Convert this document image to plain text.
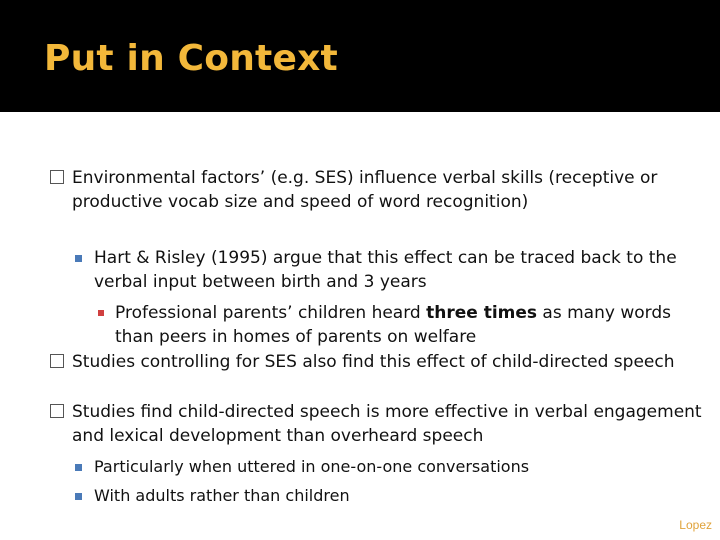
Put in Context
Environmental factors’ (e.g. SES) influence verbal skills (receptive or productive vocab size and speed of word recognition)
Hart & Risley (1995) argue that this effect can be traced back to the verbal input between birth and 3 years
Professional parents’ children heard three times as many words than peers in homes of parents on welfare
Studies controlling for SES also find this effect of child-directed speech
Studies find child-directed speech is more effective in verbal engagement and lexical development than overheard speech
Particularly when uttered in one-on-one conversations
With adults rather than children
Lopez
